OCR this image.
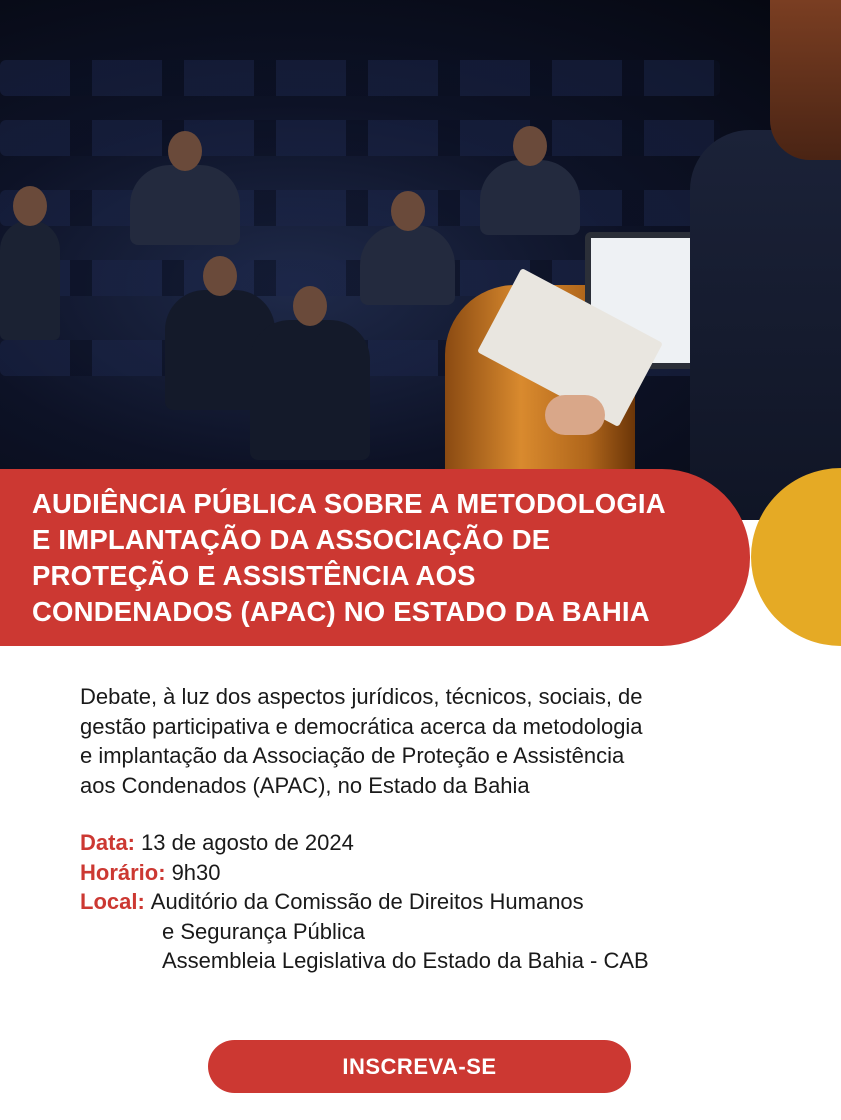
AUDIÊNCIA PÚBLICA SOBRE A METODOLOGIA
E IMPLANTAÇÃO DA ASSOCIAÇÃO DE
PROTEÇÃO E ASSISTÊNCIA AOS
CONDENADOS (APAC) NO ESTADO DA BAHIA

Debate, à luz dos aspectos jurídicos, técnicos, sociais, de
gestão participativa e democrática acerca da metodologia
e implantação da Associação de Proteção e Assistência
aos Condenados (APAC), no Estado da Bahia

Data: 13 de agosto de 2024
Horário: 9h30
Local: Auditório da Comissão de Direitos Humanos
e Segurança Pública
Assembleia Legislativa do Estado da Bahia - CAB
INSCREVA-SE
